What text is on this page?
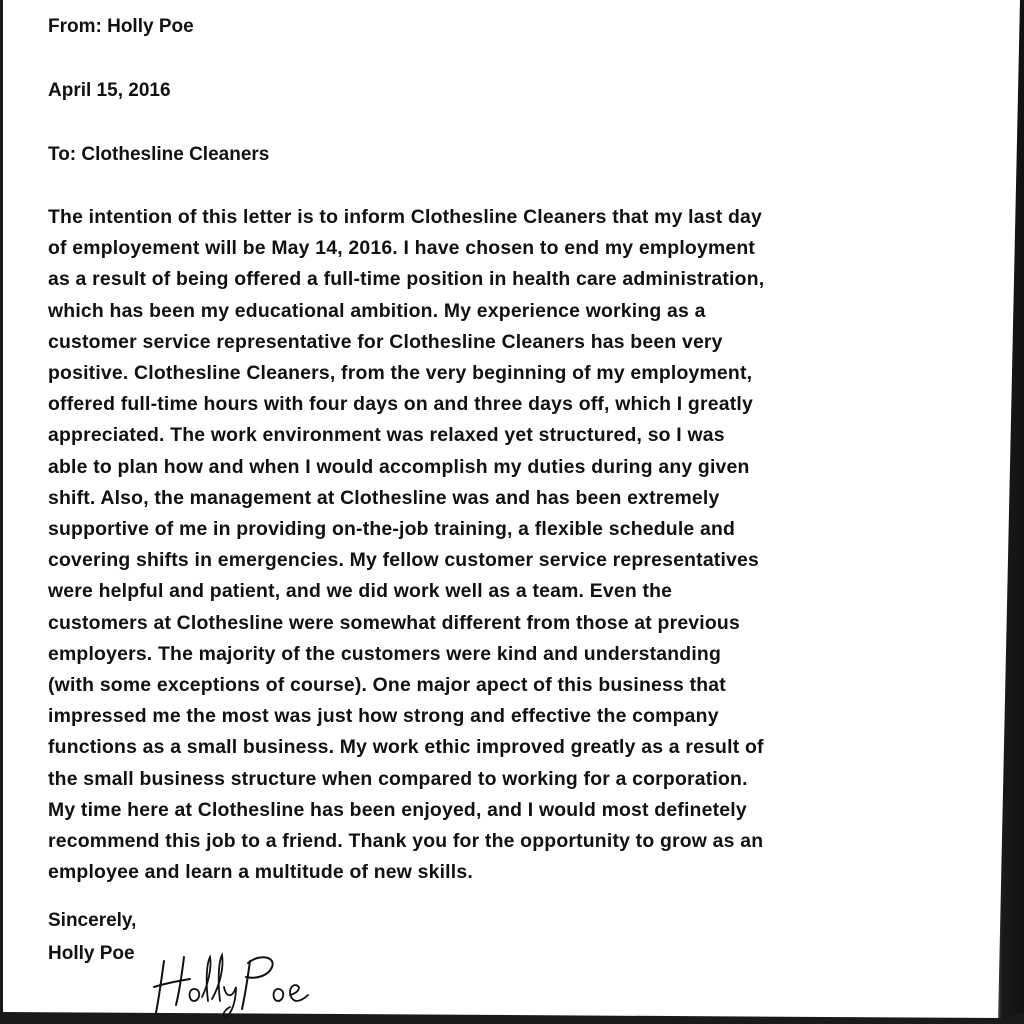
From: Holly Poe

April 15, 2016

To: Clothesline Cleaners

The intention of this letter is to inform Clothesline Cleaners that my last day

of employement will be May 14, 2016. I have chosen to end my employment

as a result of being offered a full-time position in health care administration,

which has been my educational ambition. My experience working as a

customer service representative for Clothesline Cleaners has been very

positive. Clothesline Cleaners, from the very beginning of my employment,

offered full-time hours with four days on and three days off, which I greatly

appreciated. The work environment was relaxed yet structured, so I was

able to plan how and when I would accomplish my duties during any given

shift. Also, the management at Clothesline was and has been extremely

supportive of me in providing on-the-job training, a flexible schedule and

covering shifts in emergencies. My fellow customer service representatives

were helpful and patient, and we did work well as a team. Even the

customers at Clothesline were somewhat different from those at previous

employers. The majority of the customers were kind and understanding

(with some exceptions of course). One major apect of this business that

impressed me the most was just how strong and effective the company

functions as a small business. My work ethic improved greatly as a result of

the small business structure when compared to working for a corporation.

My time here at Clothesline has been enjoyed, and I would most definetely

recommend this job to a friend. Thank you for the opportunity to grow as an

employee and learn a multitude of new skills.

Sincerely,

Holly Poe
